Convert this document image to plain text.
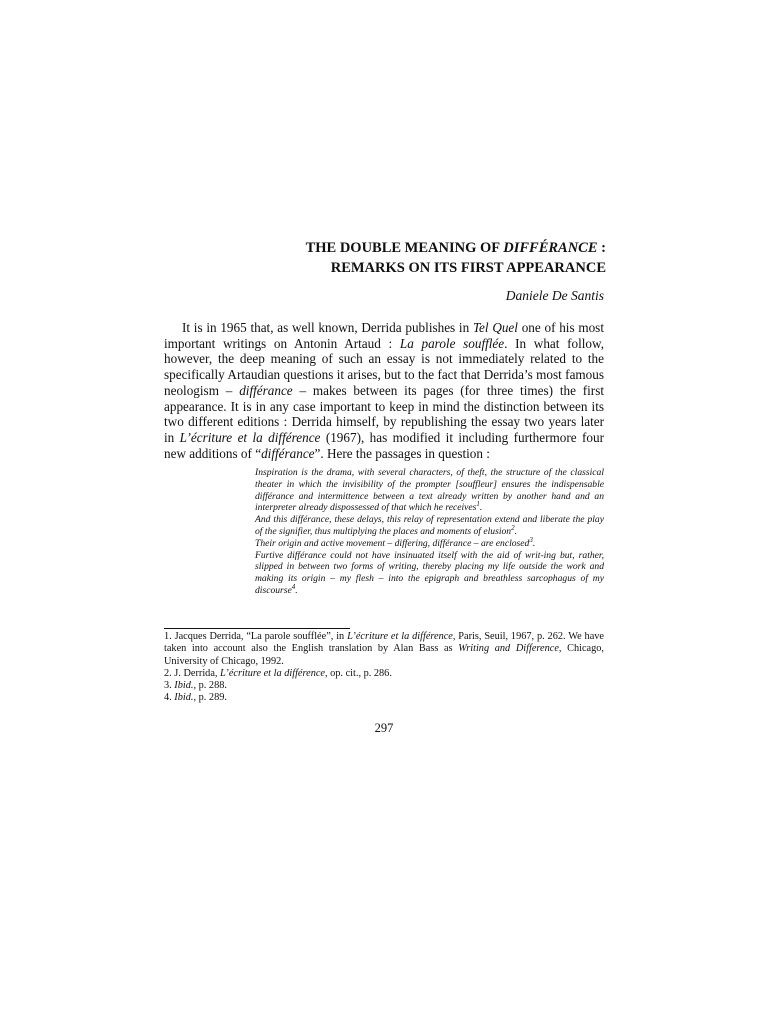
THE DOUBLE MEANING OF DIFFÉRANCE :
REMARKS ON ITS FIRST APPEARANCE
Daniele De Santis

It is in 1965 that, as well known, Derrida publishes in Tel Quel one of his most important writings on Antonin Artaud : La parole soufflée. In what follow, however, the deep meaning of such an essay is not immediately related to the specifically Artaudian questions it arises, but to the fact that Derrida’s most famous neologism – différance – makes between its pages (for three times) the first appearance. It is in any case important to keep in mind the distinction between its two different editions : Derrida himself, by republishing the essay two years later in L’écriture et la différence (1967), has modified it including furthermore four new additions of “différance”. Here the passages in question :

Inspiration is the drama, with several characters, of theft, the structure of the classical theater in which the invisibility of the prompter [souffleur] ensures the indispensable différance and intermittence between a text already written by another hand and an interpreter already dispossessed of that which he receives$^1$.

And this différance, these delays, this relay of representation extend and liberate the play of the signifier, thus multiplying the places and moments of elusion$^2$.

Their origin and active movement – differing, différance – are enclosed$^3$.

Furtive différance could not have insinuated itself with the aid of writ-ing but, rather, slipped in between two forms of writing, thereby placing my life outside the work and making its origin – my flesh – into the epigraph and breathless sarcophagus of my discourse$^4$.

1. Jacques Derrida, “La parole soufflée”, in L’écriture et la différence, Paris, Seuil, 1967, p. 262. We have taken into account also the English translation by Alan Bass as Writing and Difference, Chicago, University of Chicago, 1992.

2. J. Derrida, L’écriture et la différence, op. cit., p. 286.

3. Ibid., p. 288.

4. Ibid., p. 289.

297
